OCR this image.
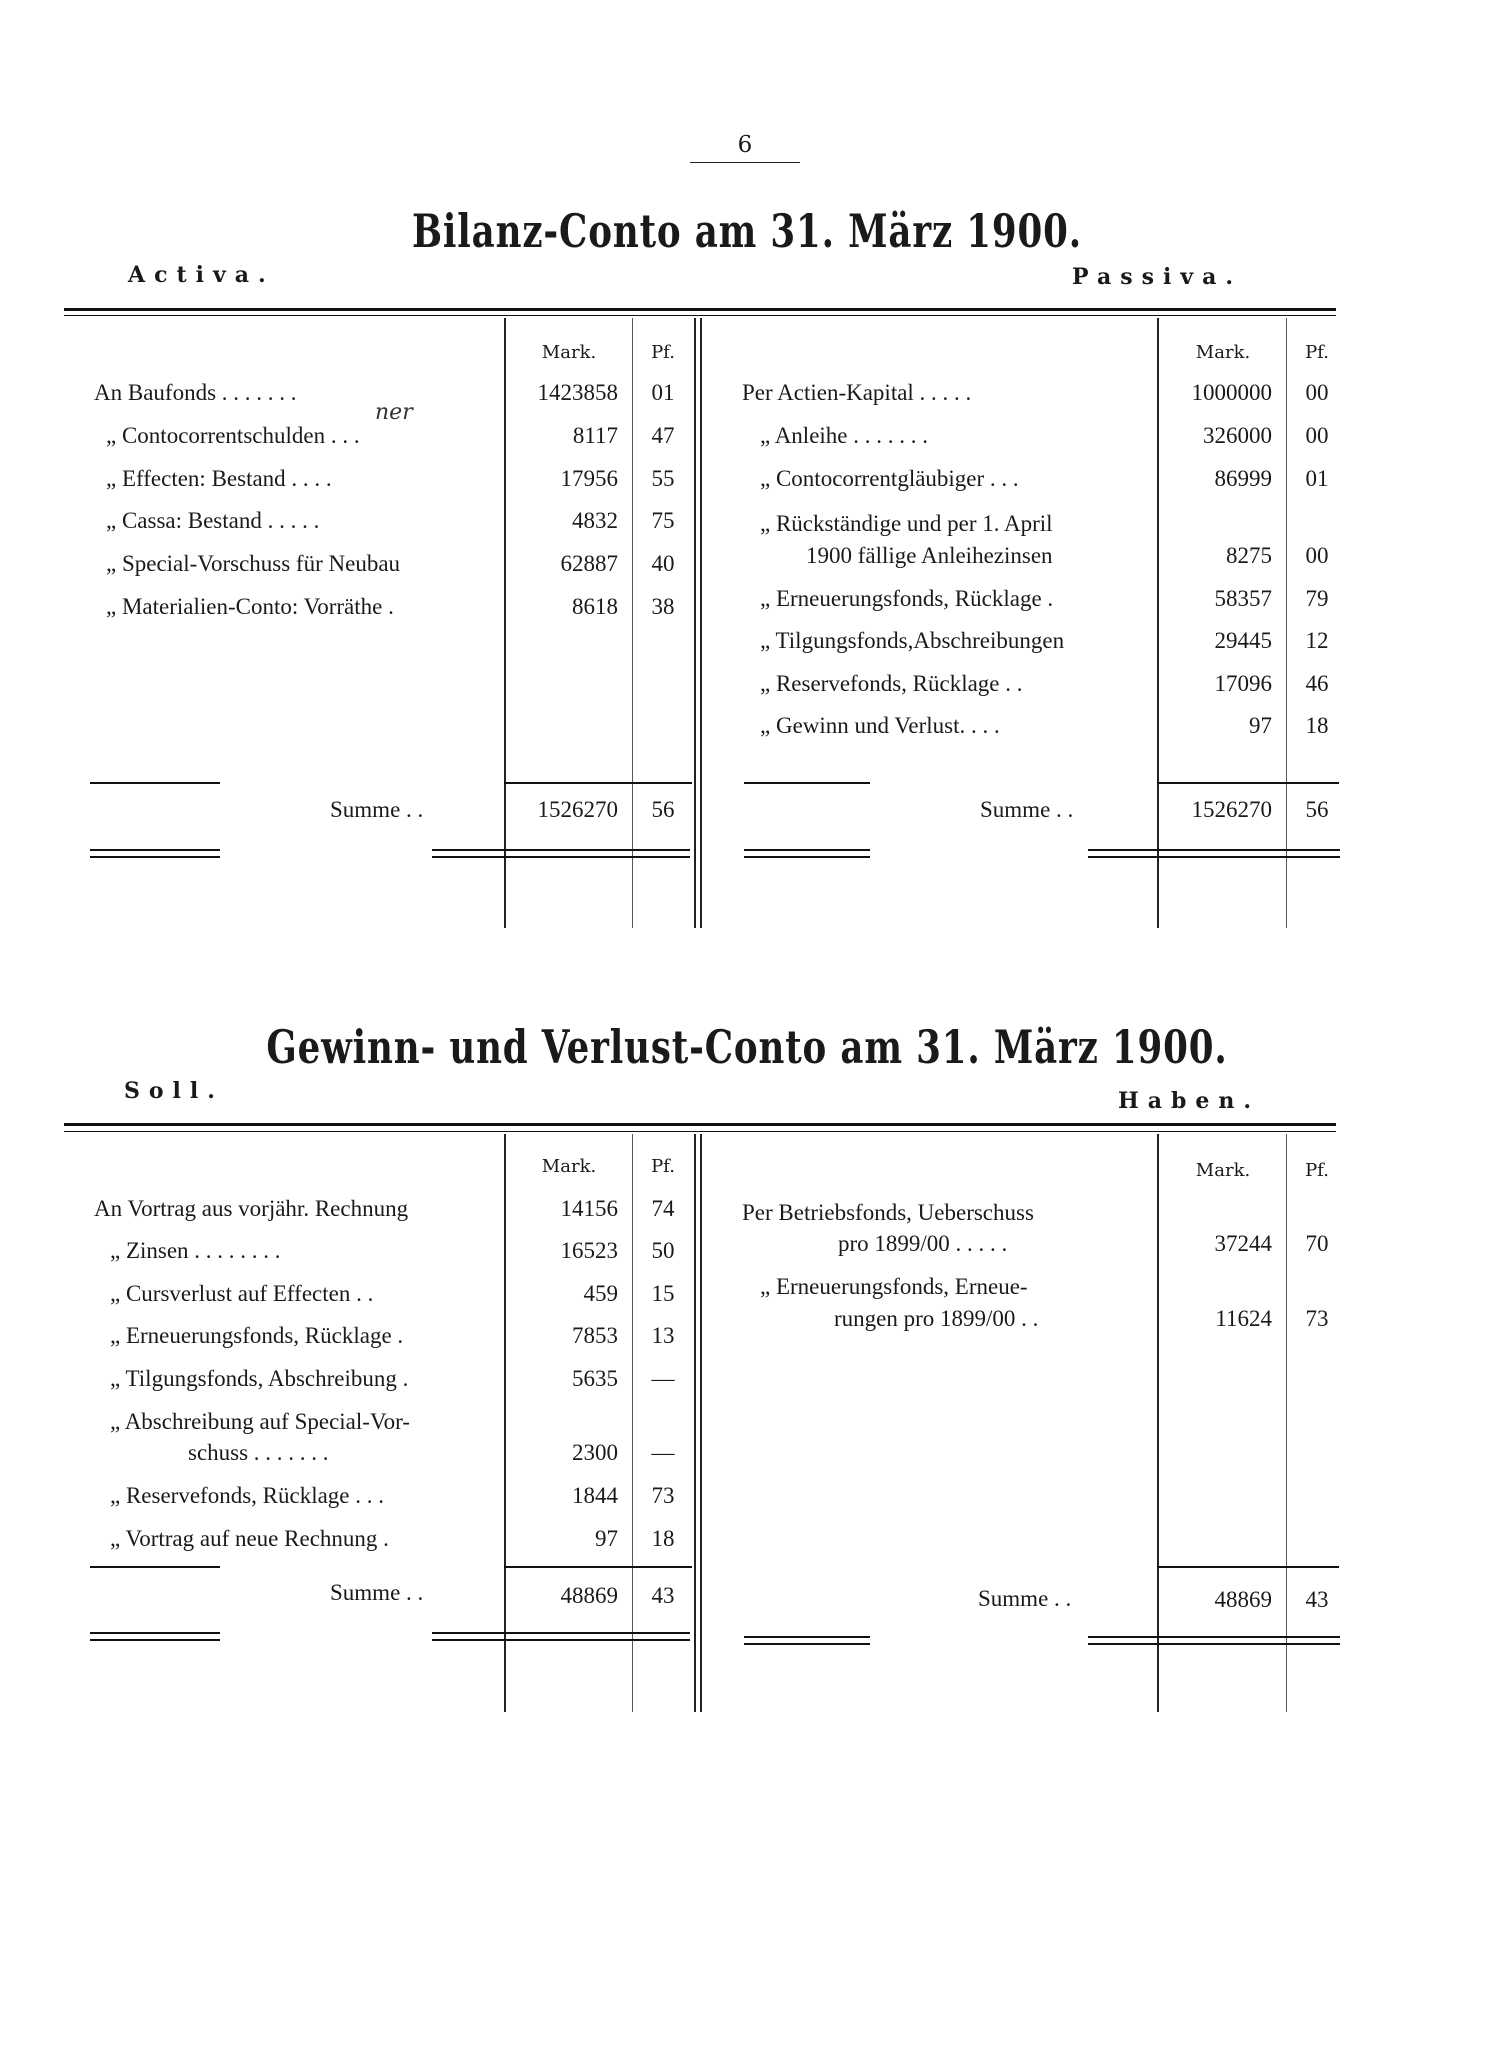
6
Bilanz-Conto am 31. März 1900.
Activa.	Passiva.
Mark.	Pf.	Mark.	Pf.
An Baufonds . . . . . . .	1423858	01
ner
„ Contocorrentschulden . . .	8117	47
„ Effecten: Bestand . . . .	17956	55
„ Cassa: Bestand . . . . .	4832	75
„ Special-Vorschuss für Neubau	62887	40
„ Materialien-Conto: Vorräthe .	8618	38
Per Actien-Kapital . . . . .	1000000	00
„ Anleihe . . . . . . .	326000	00
„ Contocorrentgläubiger . . .	86999	01
„ Rückständige und per 1. April
1900 fällige Anleihezinsen	8275	00
„ Erneuerungsfonds, Rücklage .	58357	79
„ Tilgungsfonds,Abschreibungen	29445	12
„ Reservefonds, Rücklage . .	17096	46
„ Gewinn und Verlust. . . .	97	18
Summe . .	1526270	56	Summe . .	1526270	56
Gewinn- und Verlust-Conto am 31. März 1900.
Soll.	Haben.
Mark.	Pf.	Mark.	Pf.
An Vortrag aus vorjähr. Rechnung	14156	74
„ Zinsen . . . . . . . .	16523	50
„ Cursverlust auf Effecten . .	459	15
„ Erneuerungsfonds, Rücklage .	7853	13
„ Tilgungsfonds, Abschreibung .	5635	—
„ Abschreibung auf Special-Vor-
schuss . . . . . . .	2300	—
„ Reservefonds, Rücklage . . .	1844	73
„ Vortrag auf neue Rechnung .	97	18
Per Betriebsfonds, Ueberschuss
pro 1899/00 . . . . .	37244	70
„ Erneuerungsfonds, Erneue-
rungen pro 1899/00 . .	11624	73
Summe . .	48869	43	Summe . .	48869	43
